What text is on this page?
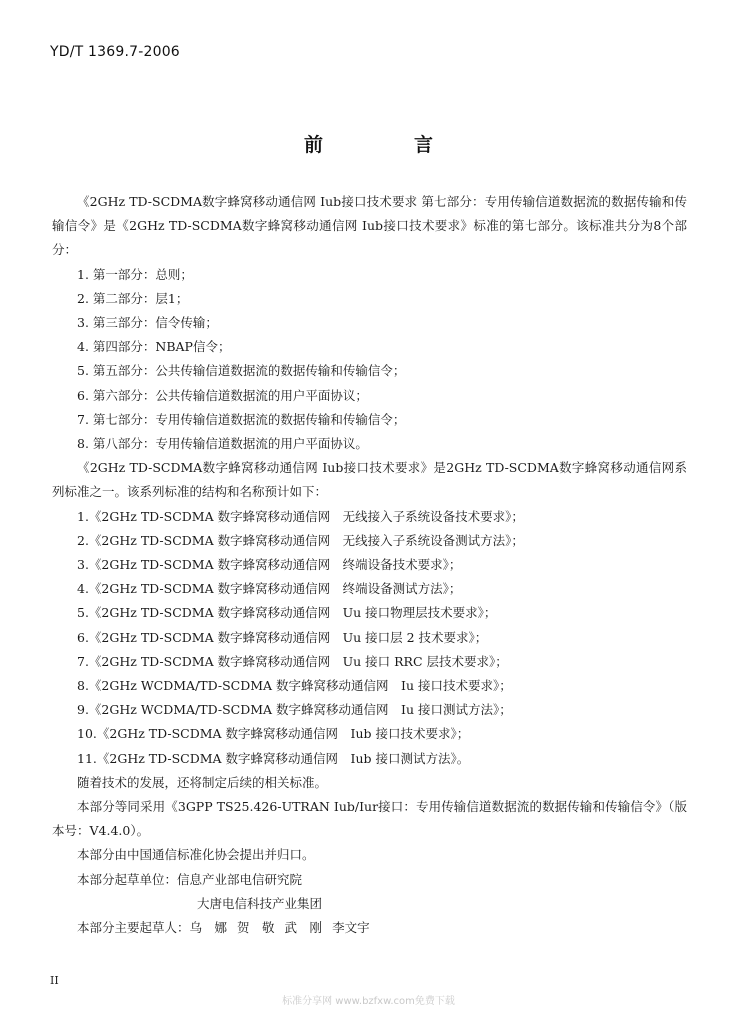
YD/T 1369.7-2006
前　言

《2GHz TD-SCDMA数字蜂窝移动通信网 Iub接口技术要求 第七部分：专用传输信道数据流的数据传输和传输信令》是《2GHz TD-SCDMA数字蜂窝移动通信网 Iub接口技术要求》标准的第七部分。该标准共分为8个部分：

1. 第一部分：总则；

2. 第二部分：层1；

3. 第三部分：信令传输；

4. 第四部分：NBAP信令；

5. 第五部分：公共传输信道数据流的数据传输和传输信令；

6. 第六部分：公共传输信道数据流的用户平面协议；

7. 第七部分：专用传输信道数据流的数据传输和传输信令；

8. 第八部分：专用传输信道数据流的用户平面协议。

《2GHz TD-SCDMA数字蜂窝移动通信网 Iub接口技术要求》是2GHz TD-SCDMA数字蜂窝移动通信网系列标准之一。该系列标准的结构和名称预计如下：

1.《2GHz TD-SCDMA 数字蜂窝移动通信网　无线接入子系统设备技术要求》；

2.《2GHz TD-SCDMA 数字蜂窝移动通信网　无线接入子系统设备测试方法》；

3.《2GHz TD-SCDMA 数字蜂窝移动通信网　终端设备技术要求》；

4.《2GHz TD-SCDMA 数字蜂窝移动通信网　终端设备测试方法》；

5.《2GHz TD-SCDMA 数字蜂窝移动通信网　Uu 接口物理层技术要求》；

6.《2GHz TD-SCDMA 数字蜂窝移动通信网　Uu 接口层 2 技术要求》；

7.《2GHz TD-SCDMA 数字蜂窝移动通信网　Uu 接口 RRC 层技术要求》；

8.《2GHz WCDMA/TD-SCDMA 数字蜂窝移动通信网　Iu 接口技术要求》；

9.《2GHz WCDMA/TD-SCDMA 数字蜂窝移动通信网　Iu 接口测试方法》；

10.《2GHz TD-SCDMA 数字蜂窝移动通信网　Iub 接口技术要求》；

11.《2GHz TD-SCDMA 数字蜂窝移动通信网　Iub 接口测试方法》。

随着技术的发展，还将制定后续的相关标准。

本部分等同采用《3GPP TS25.426-UTRAN Iub/Iur接口：专用传输信道数据流的数据传输和传输信令》（版本号：V4.4.0）。

本部分由中国通信标准化协会提出并归口。

本部分起草单位：信息产业部电信研究院

大唐电信科技产业集团

本部分主要起草人：乌　娜 贺　敬 武　刚 李文宇

II
标准分享网 www.bzfxw.com免费下载
